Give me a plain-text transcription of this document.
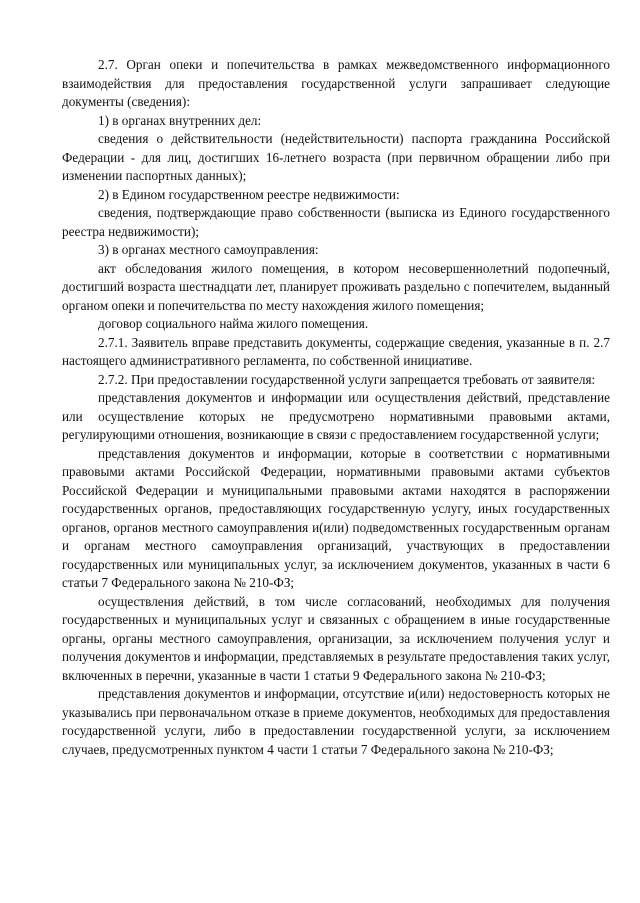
2.7. Орган опеки и попечительства в рамках межведомственного информационного взаимодействия для предоставления государственной услуги запрашивает следующие документы (сведения):

1) в органах внутренних дел:

сведения о действительности (недействительности) паспорта гражданина Российской Федерации - для лиц, достигших 16-летнего возраста (при первичном обращении либо при изменении паспортных данных);

2) в Едином государственном реестре недвижимости:

сведения, подтверждающие право собственности (выписка из Единого государственного реестра недвижимости);

3) в органах местного самоуправления:

акт обследования жилого помещения, в котором несовершеннолетний подопечный, достигший возраста шестнадцати лет, планирует проживать раздельно с попечителем, выданный органом опеки и попечительства по месту нахождения жилого помещения;

договор социального найма жилого помещения.

2.7.1. Заявитель вправе представить документы, содержащие сведения, указанные в п. 2.7 настоящего административного регламента, по собственной инициативе.

2.7.2. При предоставлении государственной услуги запрещается требовать от заявителя:

представления документов и информации или осуществления действий, представление или осуществление которых не предусмотрено нормативными правовыми актами, регулирующими отношения, возникающие в связи с предоставлением государственной услуги;

представления документов и информации, которые в соответствии с нормативными правовыми актами Российской Федерации, нормативными правовыми актами субъектов Российской Федерации и муниципальными правовыми актами находятся в распоряжении государственных органов, предоставляющих государственную услугу, иных государственных органов, органов местного самоуправления и(или) подведомственных государственным органам и органам местного самоуправления организаций, участвующих в предоставлении государственных или муниципальных услуг, за исключением документов, указанных в части 6 статьи 7 Федерального закона № 210-ФЗ;

осуществления действий, в том числе согласований, необходимых для получения государственных и муниципальных услуг и связанных с обращением в иные государственные органы, органы местного самоуправления, организации, за исключением получения услуг и получения документов и информации, представляемых в результате предоставления таких услуг, включенных в перечни, указанные в части 1 статьи 9 Федерального закона № 210-ФЗ;

представления документов и информации, отсутствие и(или) недостоверность которых не указывались при первоначальном отказе в приеме документов, необходимых для предоставления государственной услуги, либо в предоставлении государственной услуги, за исключением случаев, предусмотренных пунктом 4 части 1 статьи 7 Федерального закона № 210-ФЗ;
